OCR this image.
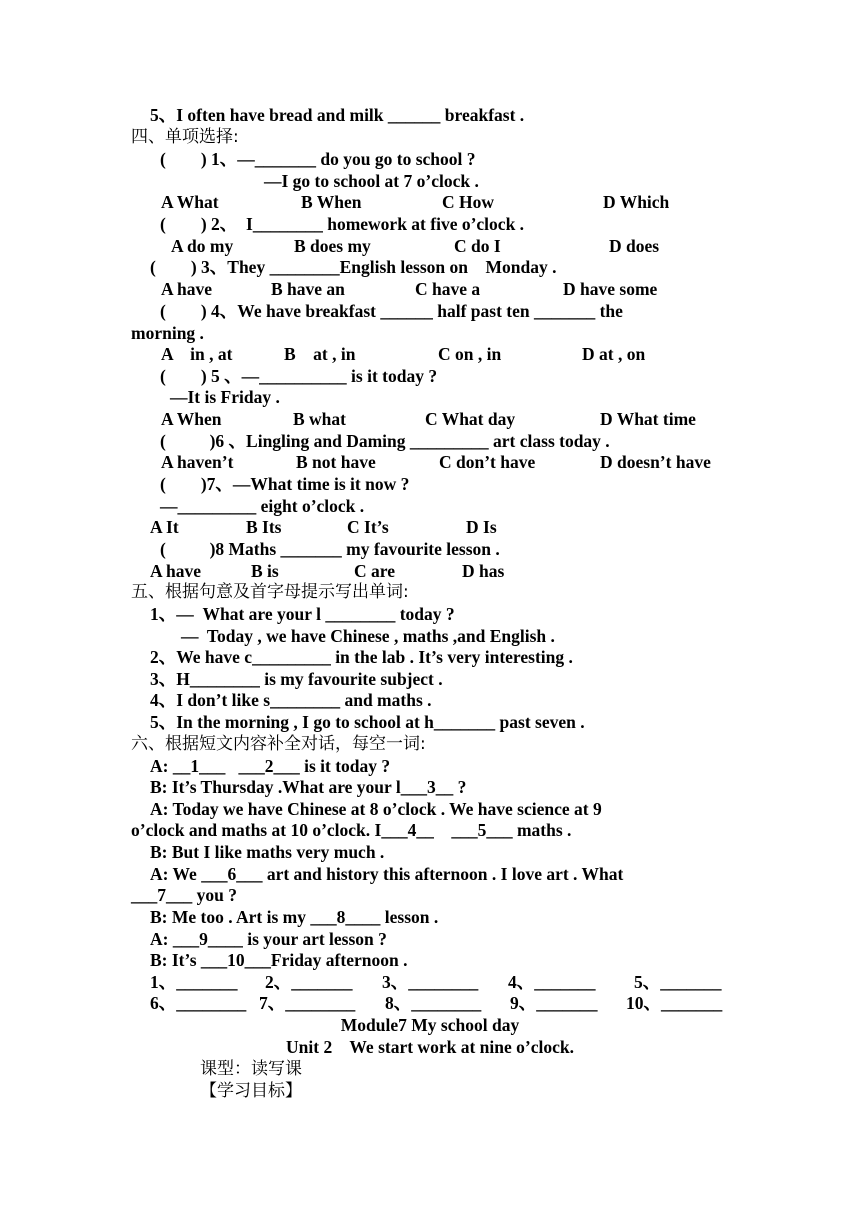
5、I often have bread and milk ______ breakfast .
四、单项选择:
(        ) 1、—_______ do you go to school ?
—I go to school at 7 o’clock .
A What	B When	C How	D Which
(        ) 2、  I________ homework at five o’clock .
A do my	B does my	C do I	D does
(        ) 3、They ________English lesson on    Monday .
A have	B have an	C have a	D have some
(        ) 4、We have breakfast ______ half past ten _______ the
morning .
A    in , at	B    at , in	C on , in	D at , on
(        ) 5 、—__________ is it today ?
—It is Friday .
A When	B what	C What day	D What time
(          )6 、Lingling and Daming _________ art class today .
A haven’t	B not have	C don’t have	D doesn’t have
(        )7、—What time is it now ?
—_________ eight o’clock .
A It	B Its	C It’s	D Is
(          )8 Maths _______ my favourite lesson .
A have	B is	C are	D has
五、根据句意及首字母提示写出单词:
1、—  What are your l ________ today ?
—  Today , we have Chinese , maths ,and English .
2、We have c_________ in the lab . It’s very interesting .
3、H________ is my favourite subject .
4、I don’t like s________ and maths .
5、In the morning , I go to school at h_______ past seven .
六、根据短文内容补全对话，每空一词:
A: __1___   ___2___ is it today ?
B: It’s Thursday .What are your l___3__ ?
A: Today we have Chinese at 8 o’clock . We have science at 9
o’clock and maths at 10 o’clock. I___4__    ___5___ maths .
B: But I like maths very much .
A: We ___6___ art and history this afternoon . I love art . What
___7___ you ?
B: Me too . Art is my ___8____ lesson .
A: ___9____ is your art lesson ?
B: It’s ___10___Friday afternoon .
1、_______ 2、_______ 3、________ 4、_______ 5、_______
6、________ 7、________ 8、________ 9、_______ 10、_______
Module7 My school day
Unit 2    We start work at nine o’clock.
课型：读写课
【学习目标】
